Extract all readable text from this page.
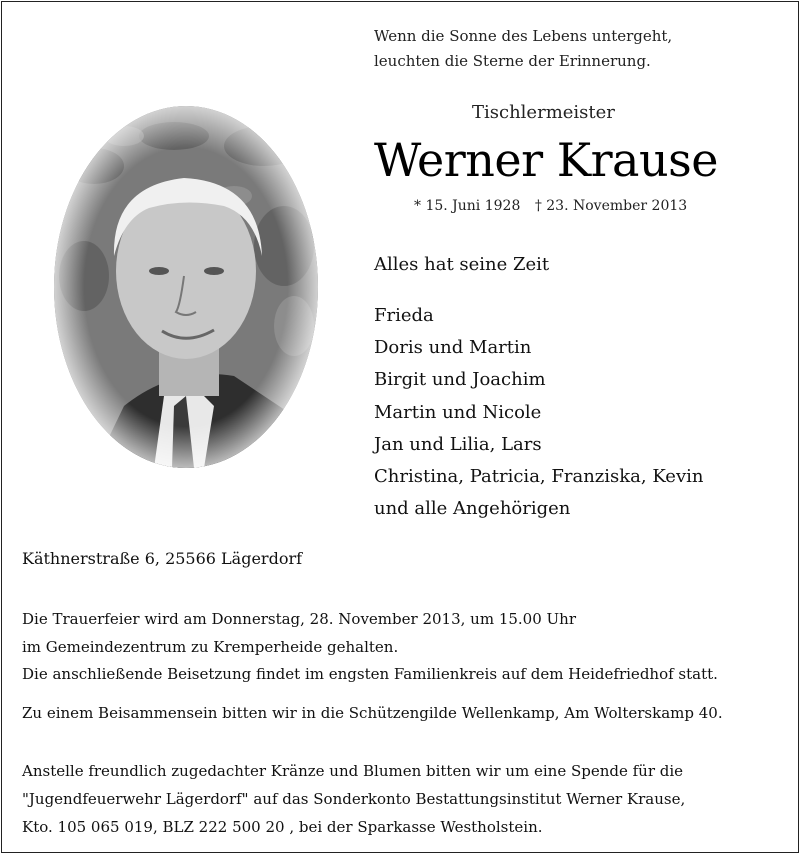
Wenn die Sonne des Lebens untergeht,
leuchten die Sterne der Erinnerung.
Tischlermeister
Werner Krause
* 15. Juni 1928 † 23. November 2013
Alles hat seine Zeit
Frieda
Doris und Martin
Birgit und Joachim
Martin und Nicole
Jan und Lilia, Lars
Christina, Patricia, Franziska, Kevin
und alle Angehörigen
Käthnerstraße 6, 25566 Lägerdorf
Die Trauerfeier wird am Donnerstag, 28. November 2013, um 15.00 Uhr
im Gemeindezentrum zu Kremperheide gehalten.
Die anschließende Beisetzung findet im engsten Familienkreis auf dem Heidefriedhof statt.
Zu einem Beisammensein bitten wir in die Schützengilde Wellenkamp, Am Wolterskamp 40.
Anstelle freundlich zugedachter Kränze und Blumen bitten wir um eine Spende für die
"Jugendfeuerwehr Lägerdorf" auf das Sonderkonto Bestattungsinstitut Werner Krause,
Kto. 105 065 019, BLZ 222 500 20 , bei der Sparkasse Westholstein.
